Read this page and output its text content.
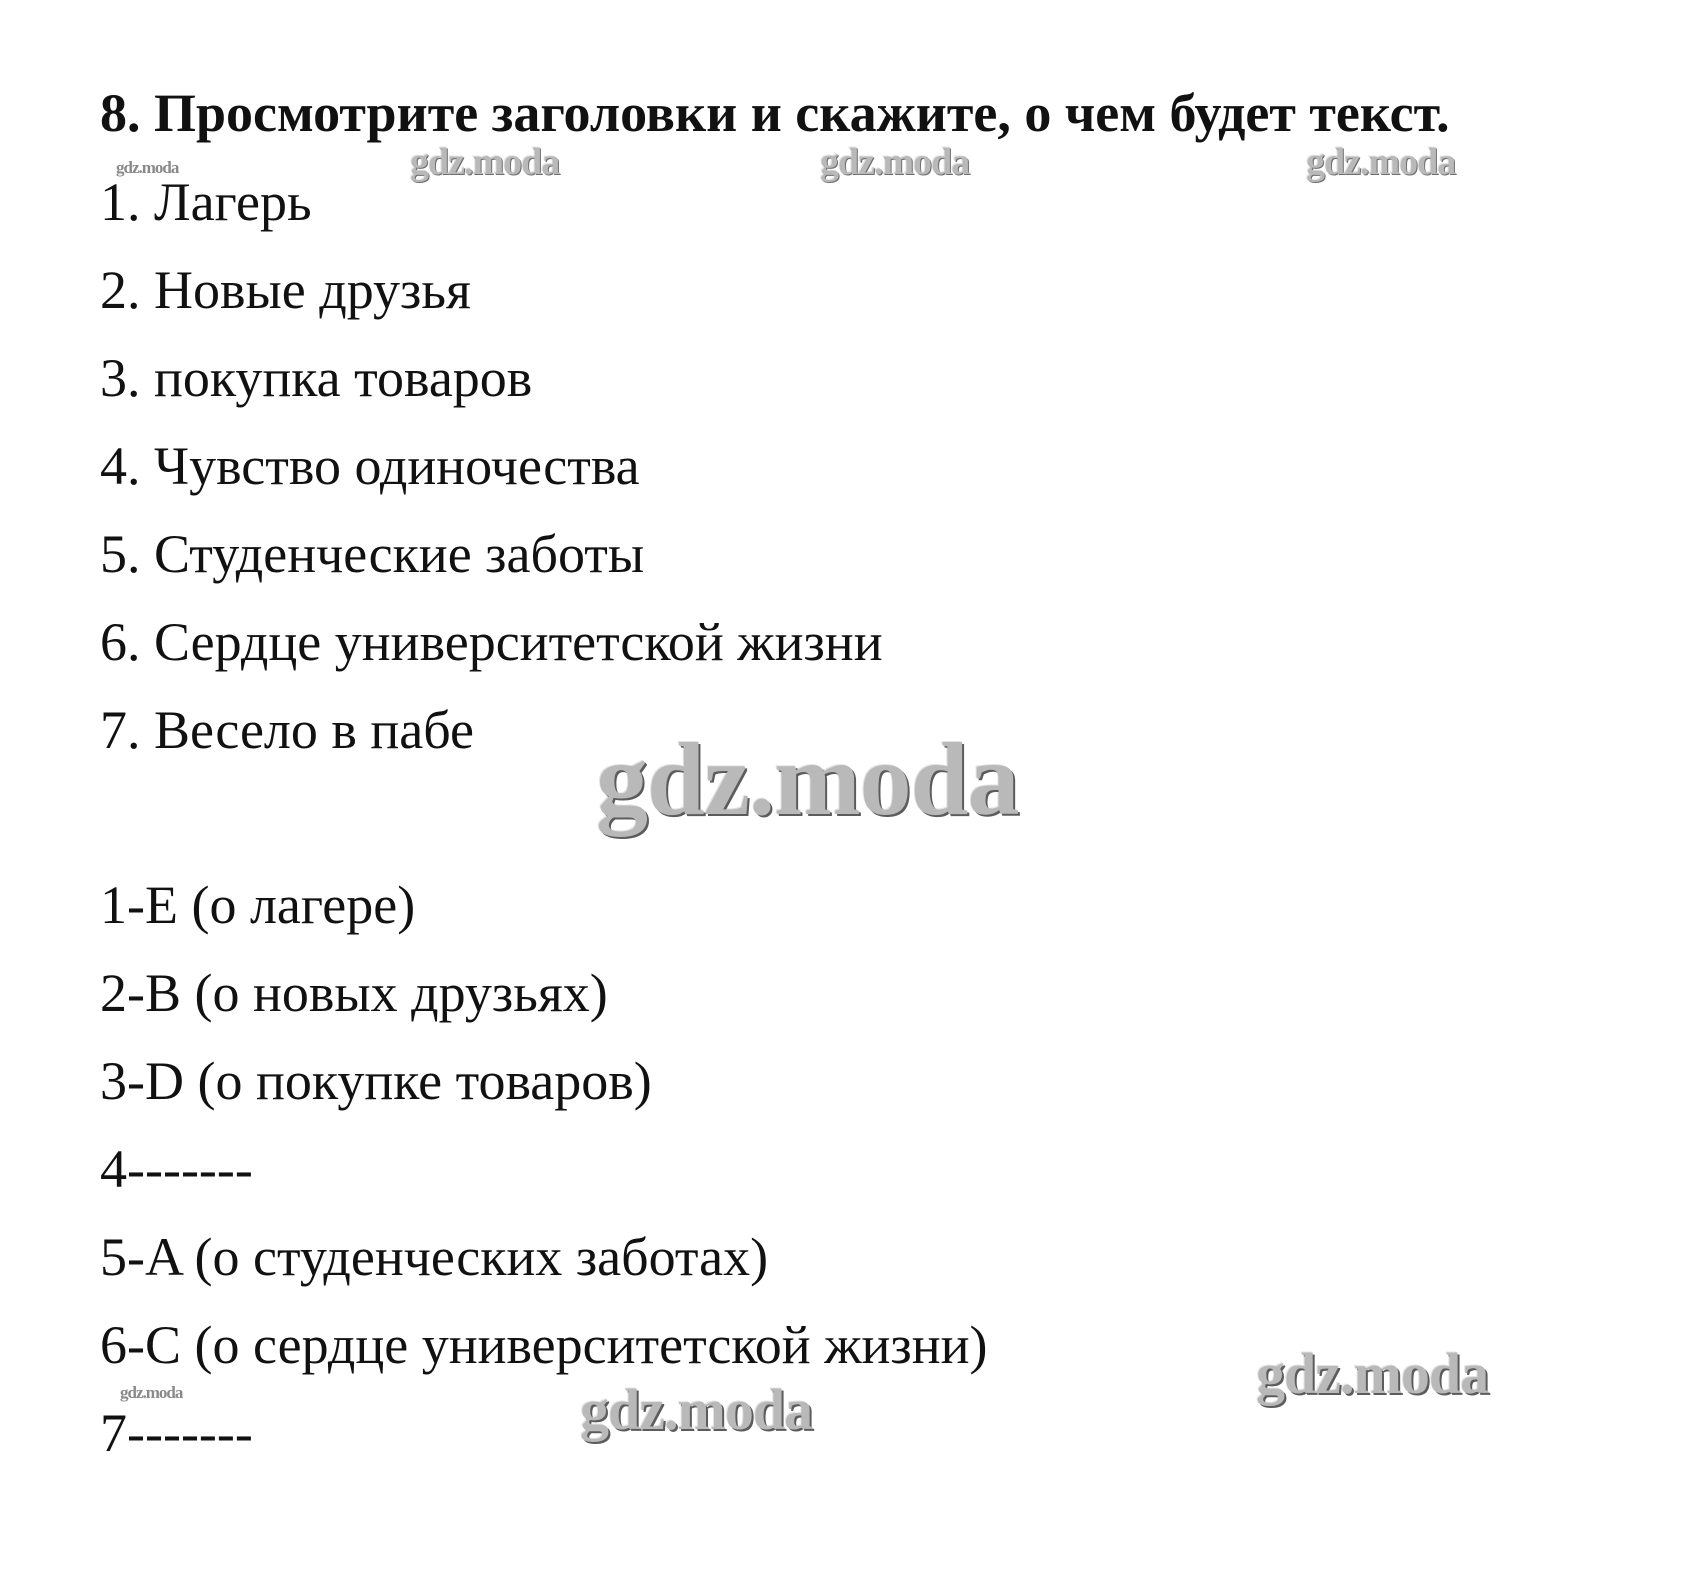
8. Просмотрите заголовки и скажите, о чем будет текст.

1. Лагерь

2. Новые друзья

3. покупка товаров

4. Чувство одиночества

5. Студенческие заботы

6. Сердце университетской жизни

7. Весело в пабе

1-E (о лагере)

2-B (о новых друзьях)

3-D (о покупке товаров)

4-------

5-A (о студенческих заботах)

6-C (о сердце университетской жизни)

7-------

gdz.moda	gdz.moda	gdz.moda	gdz.moda
gdz.moda
gdz.moda	gdz.moda
gdz.moda
